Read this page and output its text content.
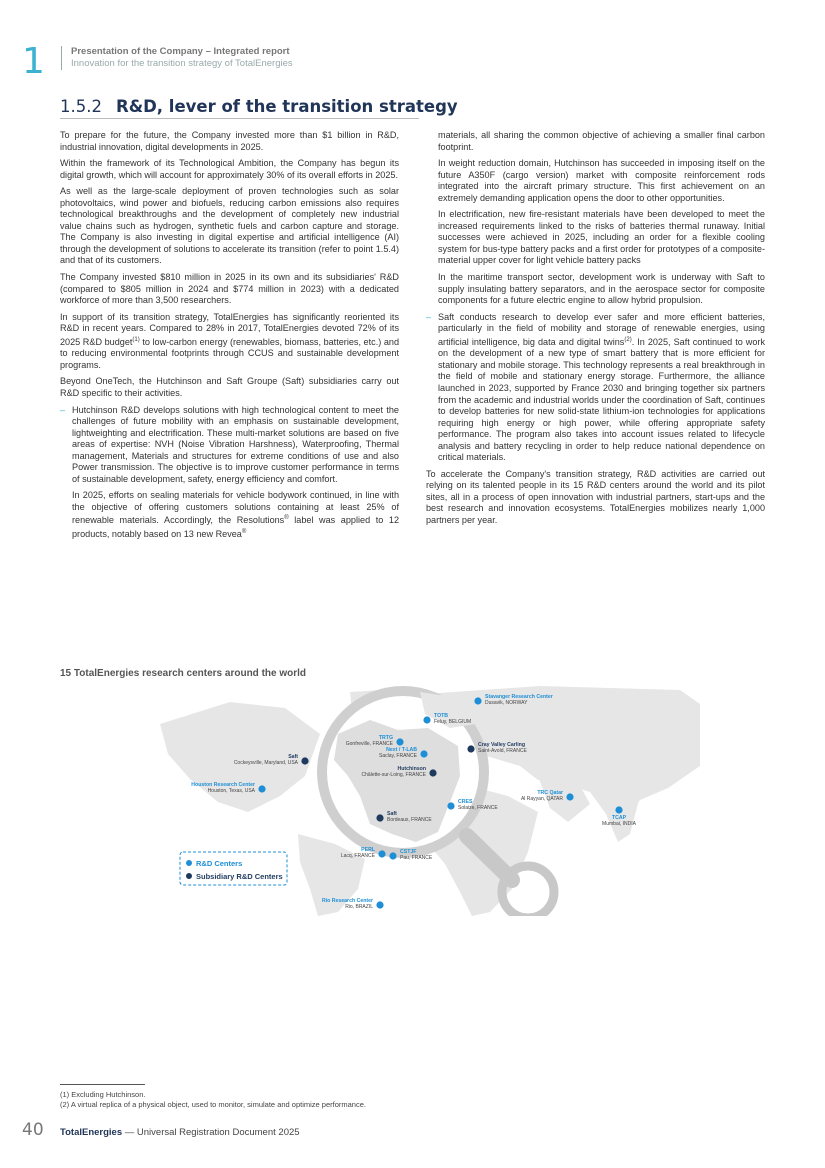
1	Presentation of the Company – Integrated report
Innovation for the transition strategy of TotalEnergies
1.5.2 R&D, lever of the transition strategy

To prepare for the future, the Company invested more than $1 billion in R&D, industrial innovation, digital developments in 2025.

Within the framework of its Technological Ambition, the Company has begun its digital growth, which will account for approximately 30% of its overall efforts in 2025.

As well as the large-scale deployment of proven technologies such as solar photovoltaics, wind power and biofuels, reducing carbon emissions also requires technological breakthroughs and the development of completely new industrial value chains such as hydrogen, synthetic fuels and carbon capture and storage. The Company is also investing in digital expertise and artificial intelligence (AI) through the development of solutions to accelerate its transition (refer to point 1.5.4) and that of its customers.

The Company invested $810 million in 2025 in its own and its subsidiaries' R&D (compared to $805 million in 2024 and $774 million in 2023) with a dedicated workforce of more than 3,500 researchers.

In support of its transition strategy, TotalEnergies has significantly reoriented its R&D in recent years. Compared to 28% in 2017, TotalEnergies devoted 72% of its 2025 R&D budget$^{(1)}$ to low-carbon energy (renewables, biomass, batteries, etc.) and to reducing environmental footprints through CCUS and sustainable development programs.

Beyond OneTech, the Hutchinson and Saft Groupe (Saft) subsidiaries carry out R&D specific to their activities.

– Hutchinson R&D develops solutions with high technological content to meet the challenges of future mobility with an emphasis on sustainable development, lightweighting and electrification. These multi-market solutions are based on five areas of expertise: NVH (Noise Vibration Harshness), Waterproofing, Thermal management, Materials and structures for extreme conditions of use and also Power transmission. The objective is to improve customer performance in terms of sustainable development, safety, energy efficiency and comfort.

In 2025, efforts on sealing materials for vehicle bodywork continued, in line with the objective of offering customers solutions containing at least 25% of renewable materials. Accordingly, the Resolutions® label was applied to 12 products, notably based on 13 new Revea®

materials, all sharing the common objective of achieving a smaller final carbon footprint.

In weight reduction domain, Hutchinson has succeeded in imposing itself on the future A350F (cargo version) market with composite reinforcement rods integrated into the aircraft primary structure. This first achievement on an extremely demanding application opens the door to other opportunities.

In electrification, new fire-resistant materials have been developed to meet the increased requirements linked to the risks of batteries thermal runaway. Initial successes were achieved in 2025, including an order for a flexible cooling system for bus-type battery packs and a first order for prototypes of a composite-material upper cover for light vehicle battery packs

In the maritime transport sector, development work is underway with Saft to supply insulating battery separators, and in the aerospace sector for composite components for a future electric engine to allow hybrid propulsion.

– Saft conducts research to develop ever safer and more efficient batteries, particularly in the field of mobility and storage of renewable energies, using artificial intelligence, big data and digital twins$^{(2)}$. In 2025, Saft continued to work on the development of a new type of smart battery that is more efficient for stationary and mobile storage. This technology represents a real breakthrough in the field of mobile and stationary energy storage. Furthermore, the alliance launched in 2023, supported by France 2030 and bringing together six partners from the academic and industrial worlds under the coordination of Saft, continues to develop batteries for new solid-state lithium-ion technologies for applications requiring high energy or high power, while offering appropriate safety performance. The program also takes into account issues related to lifecycle analysis and battery recycling in order to help reduce national dependence on critical materials.

To accelerate the Company's transition strategy, R&D activities are carried out relying on its talented people in its 15 R&D centers around the world and its pilot sites, all in a process of open innovation with industrial partners, start-ups and the best research and innovation ecosystems. TotalEnergies mobilizes nearly 1,000 partners per year.

15 TotalEnergies research centers around the world
R&D Centers
Subsidiary R&D Centers
Stavanger Research Center
Dusavik, NORWAY
TOTB
Feluy, BELGIUM
TRTG
Gonfreville, FRANCE
Next / T-LAB
Saclay, FRANCE
Cray Valley Carling
Saint-Avold, FRANCE
Hutchinson
Châlette-sur-Loing, FRANCE
Saft
Cockeysville, Maryland, USA
Houston Research Center
Houston, Texas, USA
CRES
Solaize, FRANCE
Saft
Bordeaux, FRANCE
PERL
Lacq, FRANCE
CSTJF
Pau, FRANCE
TRC Qatar
Al Rayyan, QATAR
TCAP
Mumbai, INDIA
Rio Research Center
Rio, BRAZIL
(1) Excluding Hutchinson.
(2) A virtual replica of a physical object, used to monitor, simulate and optimize performance.
40 TotalEnergies — Universal Registration Document 2025
